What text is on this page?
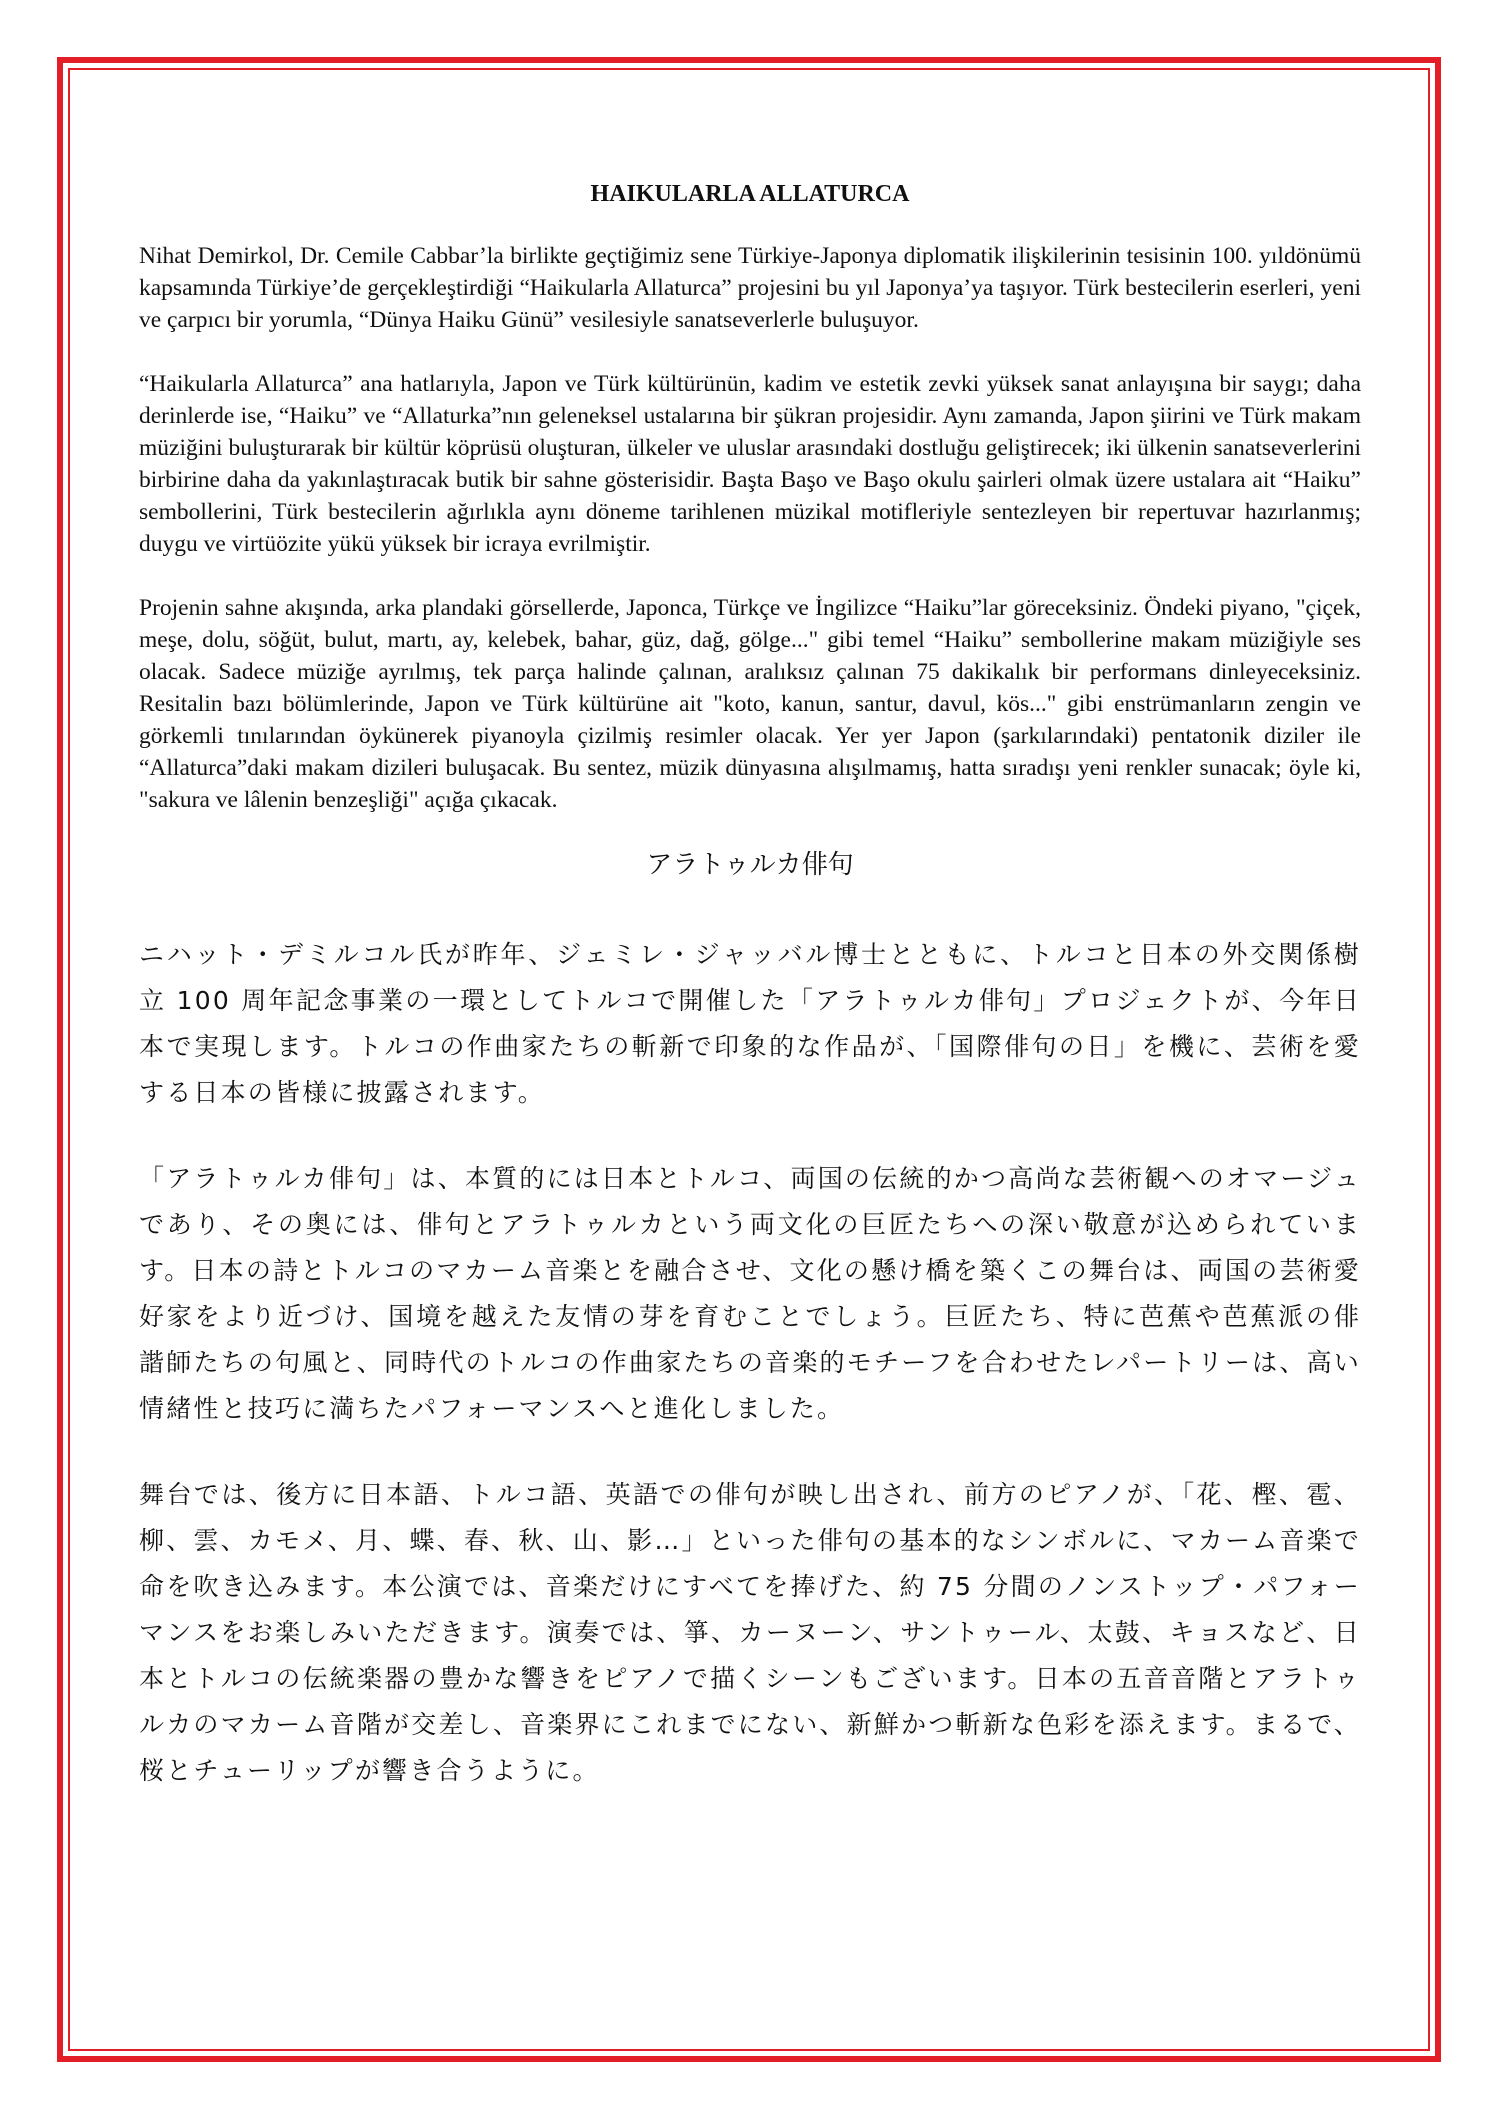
HAIKULARLA ALLATURCA

Nihat Demirkol, Dr. Cemile Cabbar’la birlikte geçtiğimiz sene Türkiye-Japonya diplomatik ilişkilerinin tesisinin 100. yıldönümü kapsamında Türkiye’de gerçekleştirdiği “Haikularla Allaturca” projesini bu yıl Japonya’ya taşıyor. Türk bestecilerin eserleri, yeni ve çarpıcı bir yorumla, “Dünya Haiku Günü” vesilesiyle sanatseverlerle buluşuyor.

“Haikularla Allaturca” ana hatlarıyla, Japon ve Türk kültürünün, kadim ve estetik zevki yüksek sanat anlayışına bir saygı; daha derinlerde ise, “Haiku” ve “Allaturka”nın geleneksel ustalarına bir şükran projesidir. Aynı zamanda, Japon şiirini ve Türk makam müziğini buluşturarak bir kültür köprüsü oluşturan, ülkeler ve uluslar arasındaki dostluğu geliştirecek; iki ülkenin sanatseverlerini birbirine daha da yakınlaştıracak butik bir sahne gösterisidir. Başta Başo ve Başo okulu şairleri olmak üzere ustalara ait “Haiku” sembollerini, Türk bestecilerin ağırlıkla aynı döneme tarihlenen müzikal motifleriyle sentezleyen bir repertuvar hazırlanmış; duygu ve virtüözite yükü yüksek bir icraya evrilmiştir.

Projenin sahne akışında, arka plandaki görsellerde, Japonca, Türkçe ve İngilizce “Haiku”lar göreceksiniz. Öndeki piyano, "çiçek, meşe, dolu, söğüt, bulut, martı, ay, kelebek, bahar, güz, dağ, gölge..." gibi temel “Haiku” sembollerine makam müziğiyle ses olacak. Sadece müziğe ayrılmış, tek parça halinde çalınan, aralıksız çalınan 75 dakikalık bir performans dinleyeceksiniz. Resitalin bazı bölümlerinde, Japon ve Türk kültürüne ait "koto, kanun, santur, davul, kös..." gibi enstrümanların zengin ve görkemli tınılarından öykünerek piyanoyla çizilmiş resimler olacak. Yer yer Japon (şarkılarındaki) pentatonik diziler ile “Allaturca”daki makam dizileri buluşacak. Bu sentez, müzik dünyasına alışılmamış, hatta sıradışı yeni renkler sunacak; öyle ki, "sakura ve lâlenin benzeşliği" açığa çıkacak.

アラトゥルカ俳句

ニハット・デミルコル氏が昨年、ジェミレ・ジャッバル博士とともに、トルコと日本の外交関係樹立 100 周年記念事業の一環としてトルコで開催した「アラトゥルカ俳句」プロジェクトが、今年日本で実現します。トルコの作曲家たちの斬新で印象的な作品が、「国際俳句の日」を機に、芸術を愛する日本の皆様に披露されます。

「アラトゥルカ俳句」は、本質的には日本とトルコ、両国の伝統的かつ高尚な芸術観へのオマージュであり、その奥には、俳句とアラトゥルカという両文化の巨匠たちへの深い敬意が込められています。日本の詩とトルコのマカーム音楽とを融合させ、文化の懸け橋を築くこの舞台は、両国の芸術愛好家をより近づけ、国境を越えた友情の芽を育むことでしょう。巨匠たち、特に芭蕉や芭蕉派の俳諧師たちの句風と、同時代のトルコの作曲家たちの音楽的モチーフを合わせたレパートリーは、高い情緒性と技巧に満ちたパフォーマンスへと進化しました。

舞台では、後方に日本語、トルコ語、英語での俳句が映し出され、前方のピアノが、「花、樫、雹、柳、雲、カモメ、月、蝶、春、秋、山、影…」といった俳句の基本的なシンボルに、マカーム音楽で命を吹き込みます。本公演では、音楽だけにすべてを捧げた、約 75 分間のノンストップ・パフォーマンスをお楽しみいただきます。演奏では、箏、カーヌーン、サントゥール、太鼓、キョスなど、日本とトルコの伝統楽器の豊かな響きをピアノで描くシーンもございます。日本の五音音階とアラトゥルカのマカーム音階が交差し、音楽界にこれまでにない、新鮮かつ斬新な色彩を添えます。まるで、桜とチューリップが響き合うように。
